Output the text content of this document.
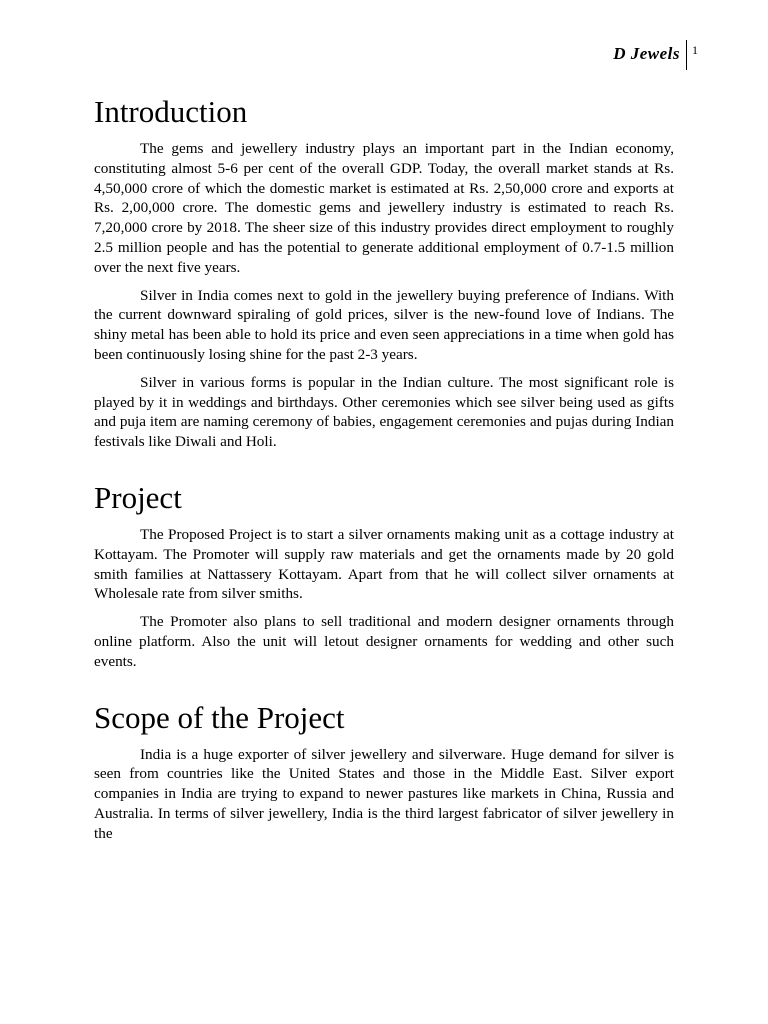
D Jewels	1
Introduction

The gems and jewellery industry plays an important part in the Indian economy, constituting almost 5-6 per cent of the overall GDP. Today, the overall market stands at Rs. 4,50,000 crore of which the domestic market is estimated at Rs. 2,50,000 crore and exports at Rs. 2,00,000 crore. The domestic gems and jewellery industry is estimated to reach Rs. 7,20,000 crore by 2018. The sheer size of this industry provides direct employment to roughly 2.5 million people and has the potential to generate additional employment of 0.7-1.5 million over the next five years.

Silver in India comes next to gold in the jewellery buying preference of Indians. With the current downward spiraling of gold prices, silver is the new-found love of Indians. The shiny metal has been able to hold its price and even seen appreciations in a time when gold has been continuously losing shine for the past 2-3 years.

Silver in various forms is popular in the Indian culture. The most significant role is played by it in weddings and birthdays. Other ceremonies which see silver being used as gifts and puja item are naming ceremony of babies, engagement ceremonies and pujas during Indian festivals like Diwali and Holi.

Project

The Proposed Project is to start a silver ornaments making unit as a cottage industry at Kottayam. The Promoter will supply raw materials and get the ornaments made by 20 gold smith families at Nattassery Kottayam. Apart from that he will collect silver ornaments at Wholesale rate from silver smiths.

The Promoter also plans to sell traditional and modern designer ornaments through online platform. Also the unit will letout designer ornaments for wedding and other such events.

Scope of the Project

India is a huge exporter of silver jewellery and silverware. Huge demand for silver is seen from countries like the United States and those in the Middle East. Silver export companies in India are trying to expand to newer pastures like markets in China, Russia and Australia. In terms of silver jewellery, India is the third largest fabricator of silver jewellery in the
